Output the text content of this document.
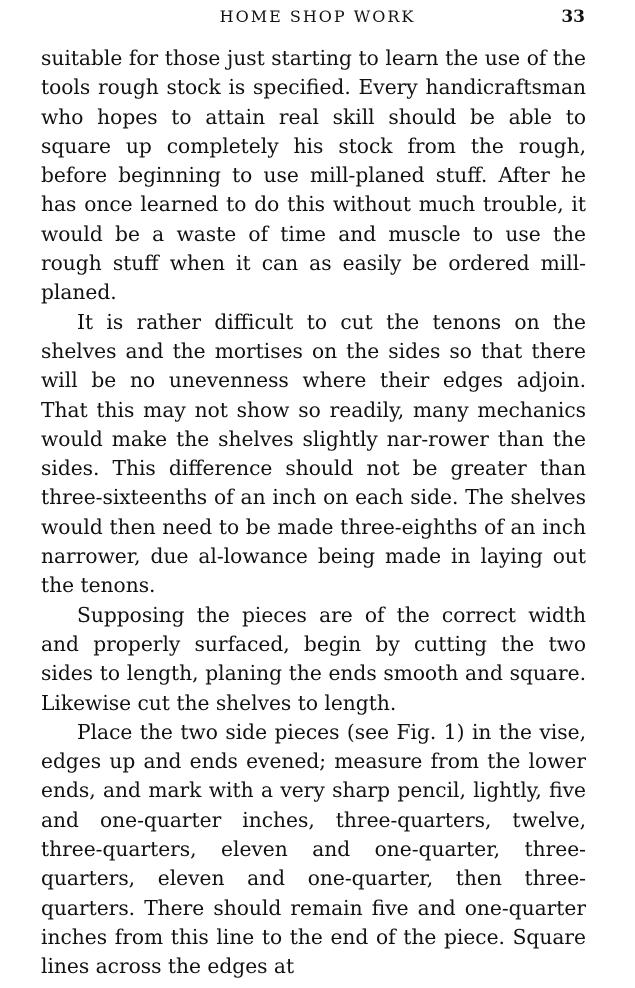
HOME SHOP WORK	33

suitable for those just starting to learn the use of the tools rough stock is specified. Every handicraftsman who hopes to attain real skill should be able to square up completely his stock from the rough, before beginning to use mill-planed stuff. After he has once learned to do this without much trouble, it would be a waste of time and muscle to use the rough stuff when it can as easily be ordered mill-planed.

It is rather difficult to cut the tenons on the shelves and the mortises on the sides so that there will be no unevenness where their edges adjoin. That this may not show so readily, many mechanics would make the shelves slightly nar-rower than the sides. This difference should not be greater than three-sixteenths of an inch on each side. The shelves would then need to be made three-eighths of an inch narrower, due al-lowance being made in laying out the tenons.

Supposing the pieces are of the correct width and properly surfaced, begin by cutting the two sides to length, planing the ends smooth and square. Likewise cut the shelves to length.

Place the two side pieces (see Fig. 1) in the vise, edges up and ends evened; measure from the lower ends, and mark with a very sharp pencil, lightly, five and one-quarter inches, three-quarters, twelve, three-quarters, eleven and one-quarter, three-quarters, eleven and one-quarter, then three-quarters. There should remain five and one-quarter inches from this line to the end of the piece. Square lines across the edges at
